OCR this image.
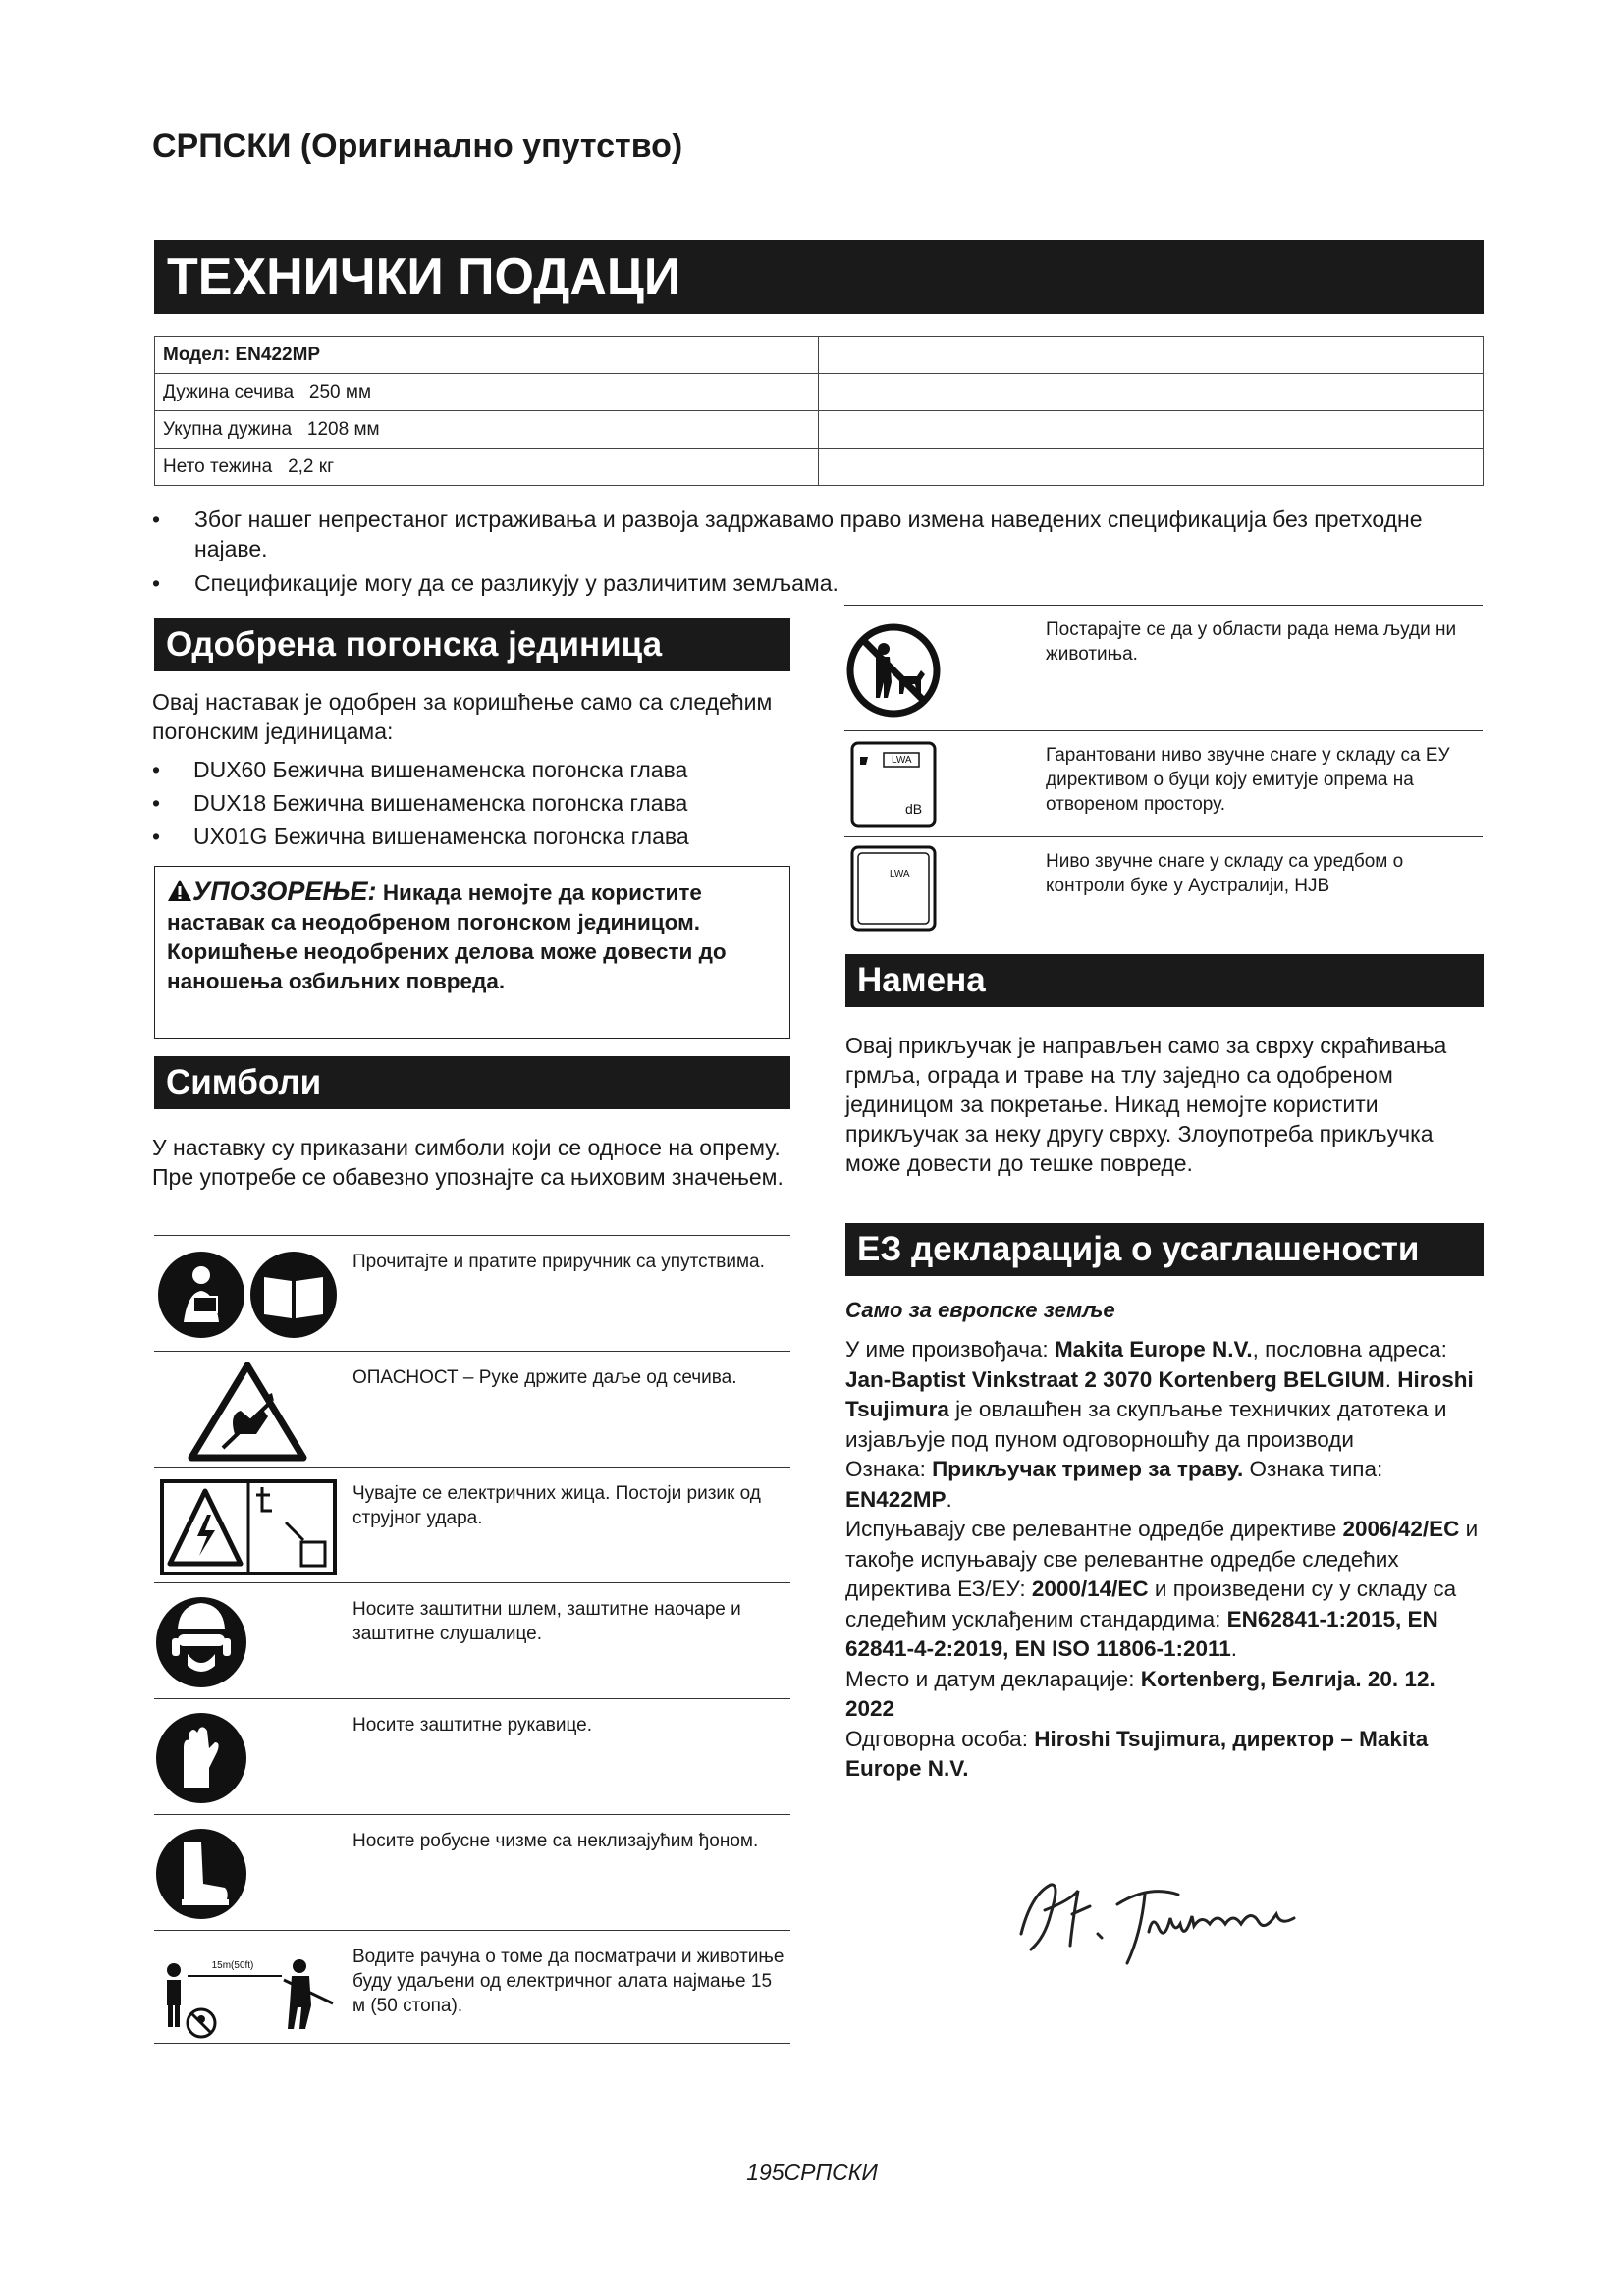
СРПСКИ (Оригинално упутство)
ТЕХНИЧКИ ПОДАЦИ
Модел: EN422MP	
Дужина сечива 250 мм	
Укупна дужина 1208 мм	
Нето тежина 2,2 кг	
• Због нашег непрестаног истраживања и развоја задржавамо право измена наведених спецификација без претходне најаве.
• Спецификације могу да се разликују у различитим земљама.
Одобрена погонска јединица
Овај наставак је одобрен за коришћење само са следећим погонским јединицама:
• DUX60 Бежична вишенаменска погонска глава
• DUX18 Бежична вишенаменска погонска глава
• UX01G Бежична вишенаменска погонска глава
УПОЗОРЕЊЕ: Никада немојте да користите наставак са неодобреном погонском јединицом. Коришћење неодобрених делова може довести до наношења озбиљних повреда.
Симболи
У наставку су приказани симболи који се односе на опрему. Пре употребе се обавезно упознајте са њиховим значењем.
Прочитајте и пратите приручник са упутствима.
ОПАСНОСТ – Руке држите даље од сечива.
Чувајте се електричних жица. Постоји ризик од струјног удара.
Носите заштитни шлем, заштитне наочаре и заштитне слушалице.
Носите заштитне рукавице.
Носите робусне чизме са неклизајућим ђоном.
15m(50ft)	Водите рачуна о томе да посматрачи и животиње буду удаљени од електричног алата најмање 15 м (50 стопа).
Постарајте се да у области рада нема људи ни животиња.
LWA
dB
Гарантовани ниво звучне снаге у складу са ЕУ директивом о буци коју емитује опрема на отвореном простору.
LWA
Ниво звучне снаге у складу са уредбом о контроли буке у Аустралији, НЈВ
Намена
Овај прикључак је направљен само за сврху скраћивања грмља, ограда и траве на тлу заједно са одобреном јединицом за покретање. Никад немојте користити прикључак за неку другу сврху. Злоупотреба прикључка може довести до тешке повреде.
ЕЗ декларација о усаглашености
Само за европске земље
У име произвођача: Makita Europe N.V., пословна адреса: Jan-Baptist Vinkstraat 2 3070 Kortenberg BELGIUM. Hiroshi Tsujimura је овлашћен за скупљање техничких датотека и изјављује под пуном одговорношћу да производи
Ознака: Прикључак тример за траву. Ознака типа: EN422MP.
Испуњавају све релевантне одредбе директиве 2006/42/EC и такође испуњавају све релевантне одредбе следећих директива ЕЗ/ЕУ: 2000/14/EC и произведени су у складу са следећим усклађеним стандардима: EN62841-1:2015, EN 62841-4-2:2019, EN ISO 11806-1:2011.
Место и датум декларације: Kortenberg, Белгија. 20. 12. 2022
Одговорна особа: Hiroshi Tsujimura, директор – Makita Europe N.V.
195СРПСКИ
